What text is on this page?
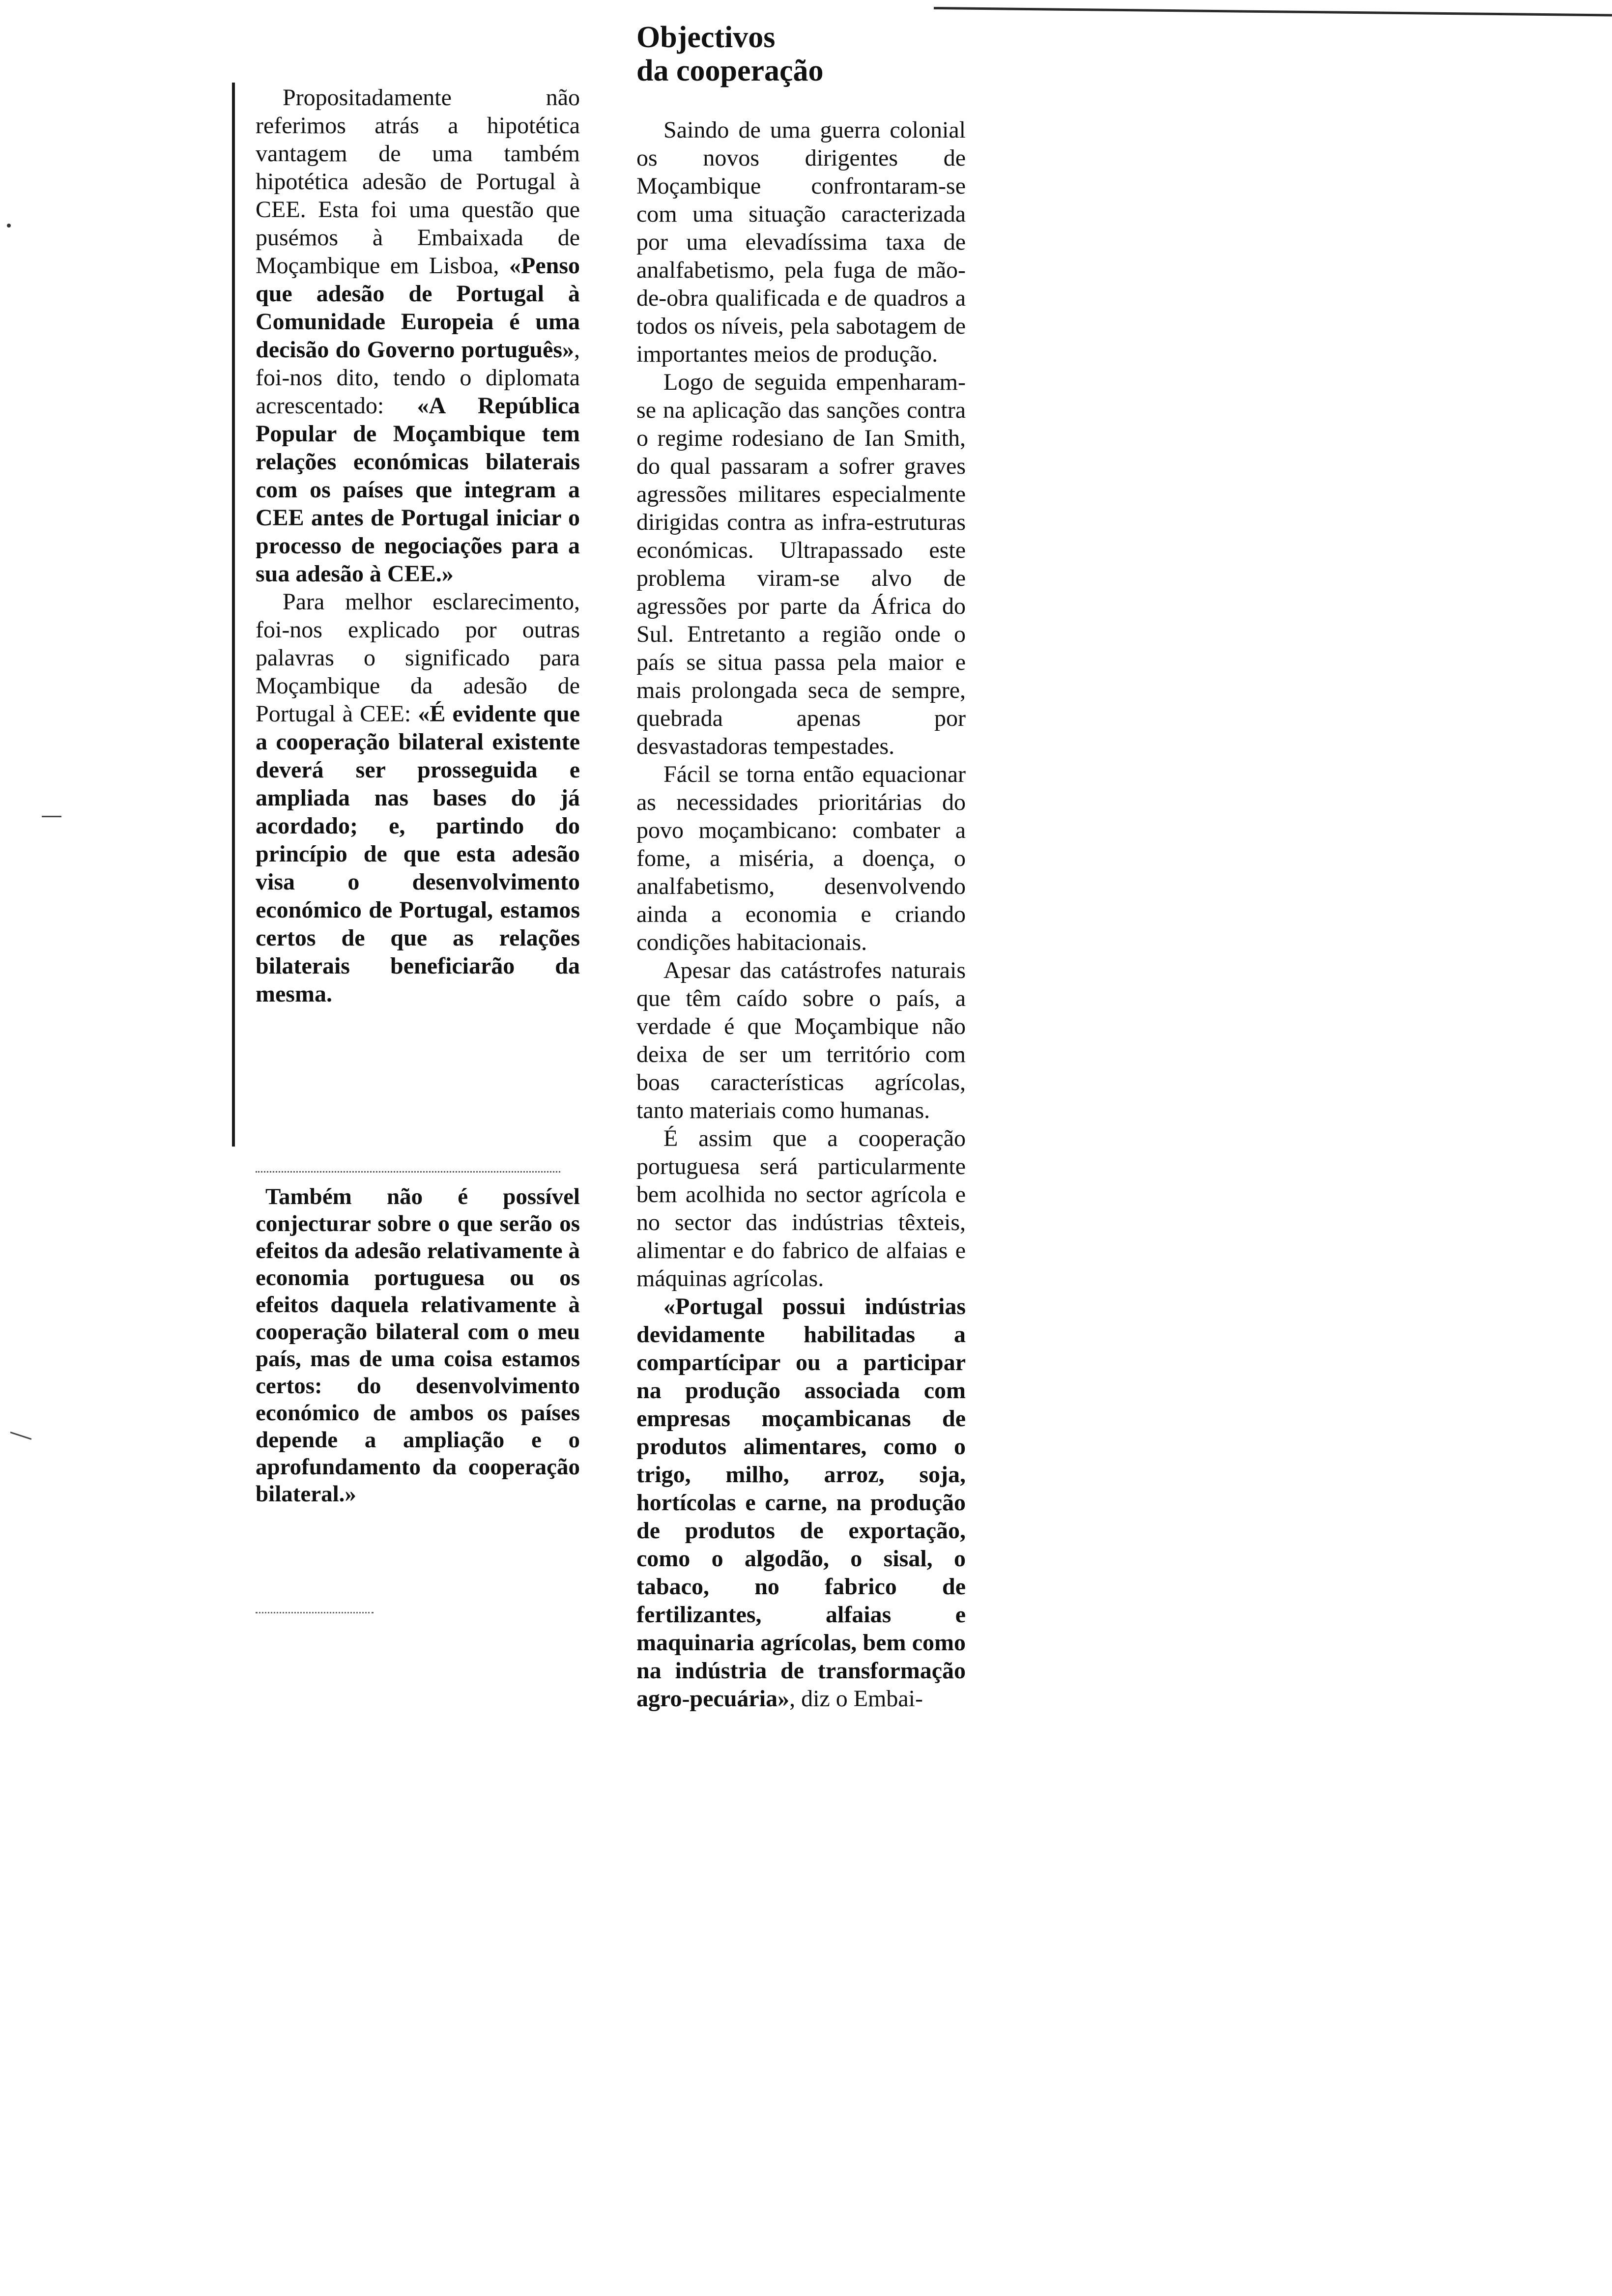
Objectivos
da cooperação

Propositadamente não referimos atrás a hipotética vantagem de uma também hipotética adesão de Portugal à CEE. Esta foi uma questão que pusémos à Embaixada de Moçambique em Lisboa, «Penso que adesão de Portugal à Comunidade Europeia é uma decisão do Governo português», foi-nos dito, tendo o diplomata acrescentado: «A República Popular de Moçambique tem relações económicas bilaterais com os países que integram a CEE antes de Portugal iniciar o processo de negociações para a sua adesão à CEE.»

Para melhor esclarecimento, foi-nos explicado por outras palavras o significado para Moçambique da adesão de Portugal à CEE: «É evidente que a cooperação bilateral existente deverá ser prosseguida e ampliada nas bases do já acordado; e, partindo do princípio de que esta adesão visa o desenvolvimento económico de Portugal, estamos certos de que as relações bilaterais beneficiarão da mesma.

Também não é possível conjecturar sobre o que serão os efeitos da adesão relativamente à economia portuguesa ou os efeitos daquela relativamente à cooperação bilateral com o meu país, mas de uma coisa estamos certos: do desenvolvimento económico de ambos os países depende a ampliação e o aprofundamento da cooperação bilateral.»

Saindo de uma guerra colonial os novos dirigentes de Moçambique confrontaram-se com uma situação caracterizada por uma elevadíssima taxa de analfabetismo, pela fuga de mão-de-obra qualificada e de quadros a todos os níveis, pela sabotagem de importantes meios de produção.

Logo de seguida empenharam-se na aplicação das sanções contra o regime rodesiano de Ian Smith, do qual passaram a sofrer graves agressões militares especialmente dirigidas contra as infra-estruturas económicas. Ultrapassado este problema viram-se alvo de agressões por parte da África do Sul. Entretanto a região onde o país se situa passa pela maior e mais prolongada seca de sempre, quebrada apenas por desvastadoras tempestades.

Fácil se torna então equacionar as necessidades prioritárias do povo moçambicano: combater a fome, a miséria, a doença, o analfabetismo, desenvolvendo ainda a economia e criando condições habitacionais.

Apesar das catástrofes naturais que têm caído sobre o país, a verdade é que Moçambique não deixa de ser um território com boas características agrícolas, tanto materiais como humanas.

É assim que a cooperação portuguesa será particularmente bem acolhida no sector agrícola e no sector das indústrias têxteis, alimentar e do fabrico de alfaias e máquinas agrícolas.

«Portugal possui indústrias devidamente habilitadas a compartícipar ou a participar na produção associada com empresas moçambicanas de produtos alimentares, como o trigo, milho, arroz, soja, hortícolas e carne, na produção de produtos de exportação, como o algodão, o sisal, o tabaco, no fabrico de fertilizantes, alfaias e maquinaria agrícolas, bem como na indústria de transformação agro-pecuária», diz o Embai-
